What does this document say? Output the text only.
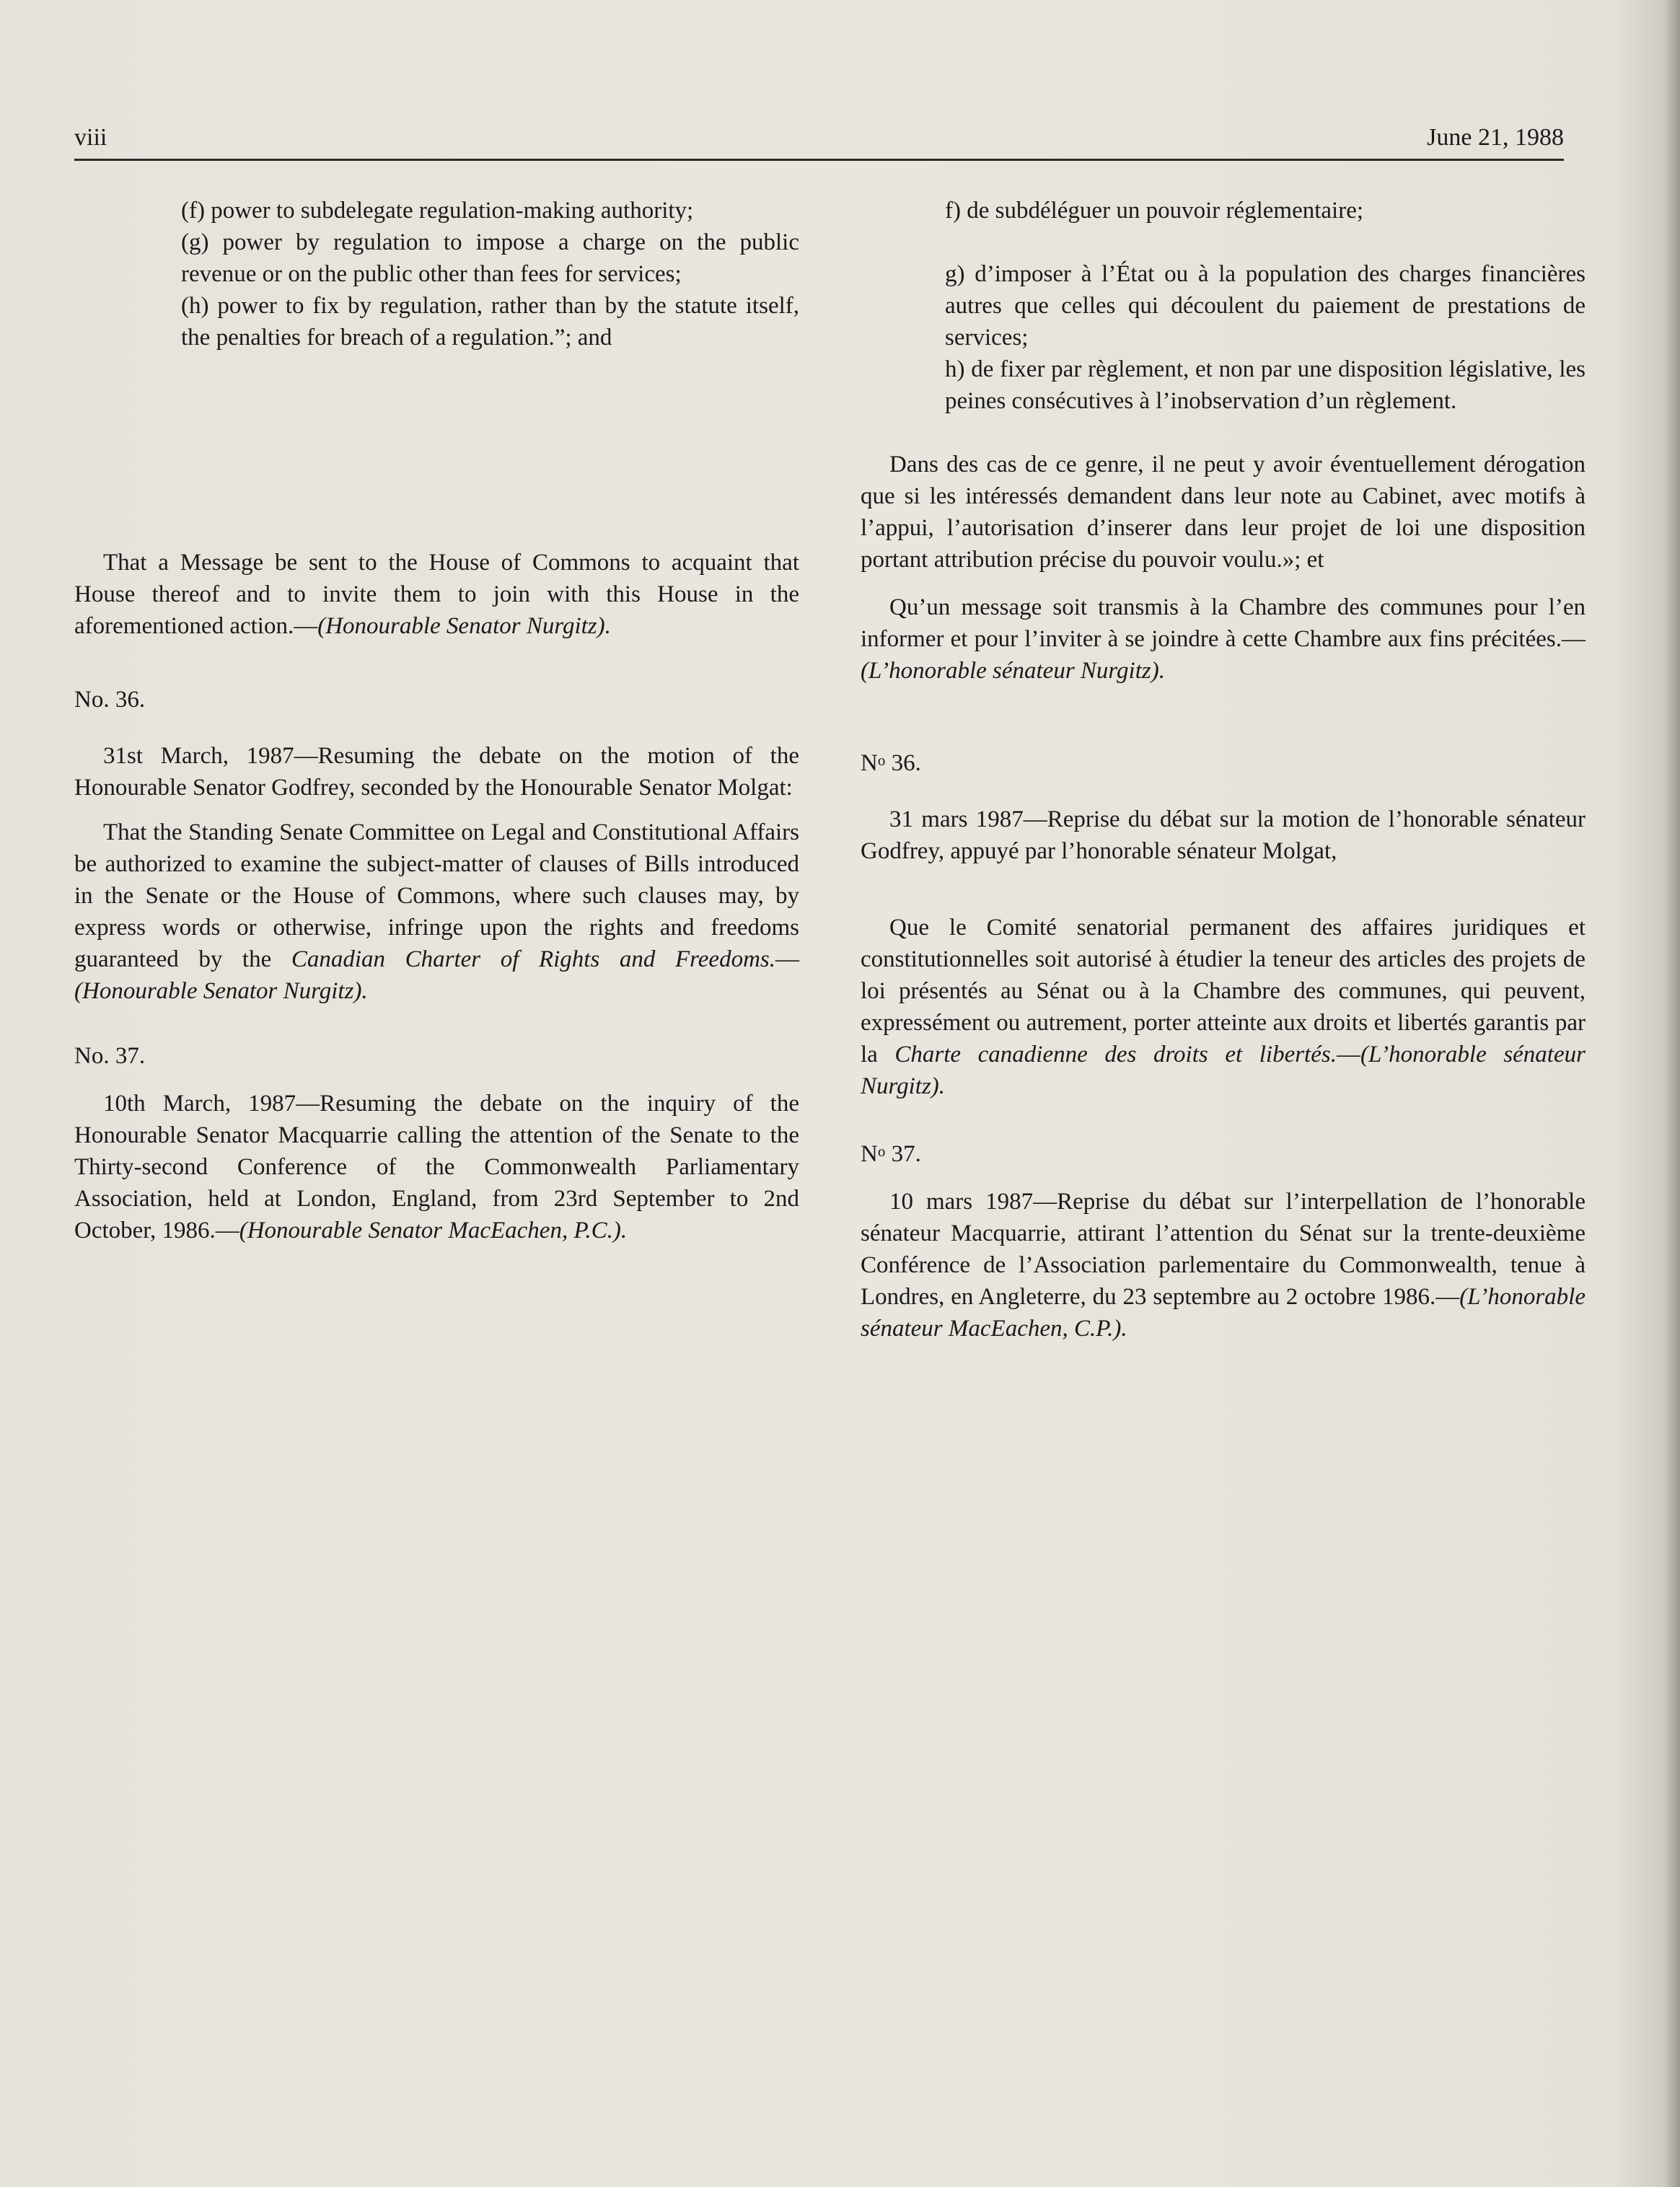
viii	June 21, 1988

(f) power to subdelegate regulation-making authority;

(g) power by regulation to impose a charge on the public revenue or on the public other than fees for services;

(h) power to fix by regulation, rather than by the statute itself, the penalties for breach of a regulation.”; and

That a Message be sent to the House of Commons to acquaint that House thereof and to invite them to join with this House in the aforementioned action.—(Honourable Senator Nurgitz).

No. 36.

31st March, 1987—Resuming the debate on the motion of the Honourable Senator Godfrey, seconded by the Honourable Senator Molgat:

That the Standing Senate Committee on Legal and Constitutional Affairs be authorized to examine the subject-matter of clauses of Bills introduced in the Senate or the House of Commons, where such clauses may, by express words or otherwise, infringe upon the rights and freedoms guaranteed by the Canadian Charter of Rights and Freedoms.—(Honourable Senator Nurgitz).

No. 37.

10th March, 1987—Resuming the debate on the inquiry of the Honourable Senator Macquarrie calling the attention of the Senate to the Thirty-second Conference of the Commonwealth Parliamentary Association, held at London, England, from 23rd September to 2nd October, 1986.—(Honourable Senator MacEachen, P.C.).

f) de subdéléguer un pouvoir réglementaire;

g) d’imposer à l’État ou à la population des charges financières autres que celles qui découlent du paiement de prestations de services;

h) de fixer par règlement, et non par une disposition législative, les peines consécutives à l’inobservation d’un règlement.

Dans des cas de ce genre, il ne peut y avoir éventuellement dérogation que si les intéressés demandent dans leur note au Cabinet, avec motifs à l’appui, l’autorisation d’inserer dans leur projet de loi une disposition portant attribution précise du pouvoir voulu.»; et

Qu’un message soit transmis à la Chambre des communes pour l’en informer et pour l’inviter à se joindre à cette Chambre aux fins précitées.—(L’honorable sénateur Nurgitz).

$N^o$ 36.

31 mars 1987—Reprise du débat sur la motion de l’honorable sénateur Godfrey, appuyé par l’honorable sénateur Molgat,

Que le Comité senatorial permanent des affaires juridiques et constitutionnelles soit autorisé à étudier la teneur des articles des projets de loi présentés au Sénat ou à la Chambre des communes, qui peuvent, expressément ou autrement, porter atteinte aux droits et libertés garantis par la Charte canadienne des droits et libertés.—(L’honorable sénateur Nurgitz).

$N^o$ 37.

10 mars 1987—Reprise du débat sur l’interpellation de l’honorable sénateur Macquarrie, attirant l’attention du Sénat sur la trente-deuxième Conférence de l’Association parlementaire du Commonwealth, tenue à Londres, en Angleterre, du 23 septembre au 2 octobre 1986.—(L’honorable sénateur MacEachen, C.P.).
